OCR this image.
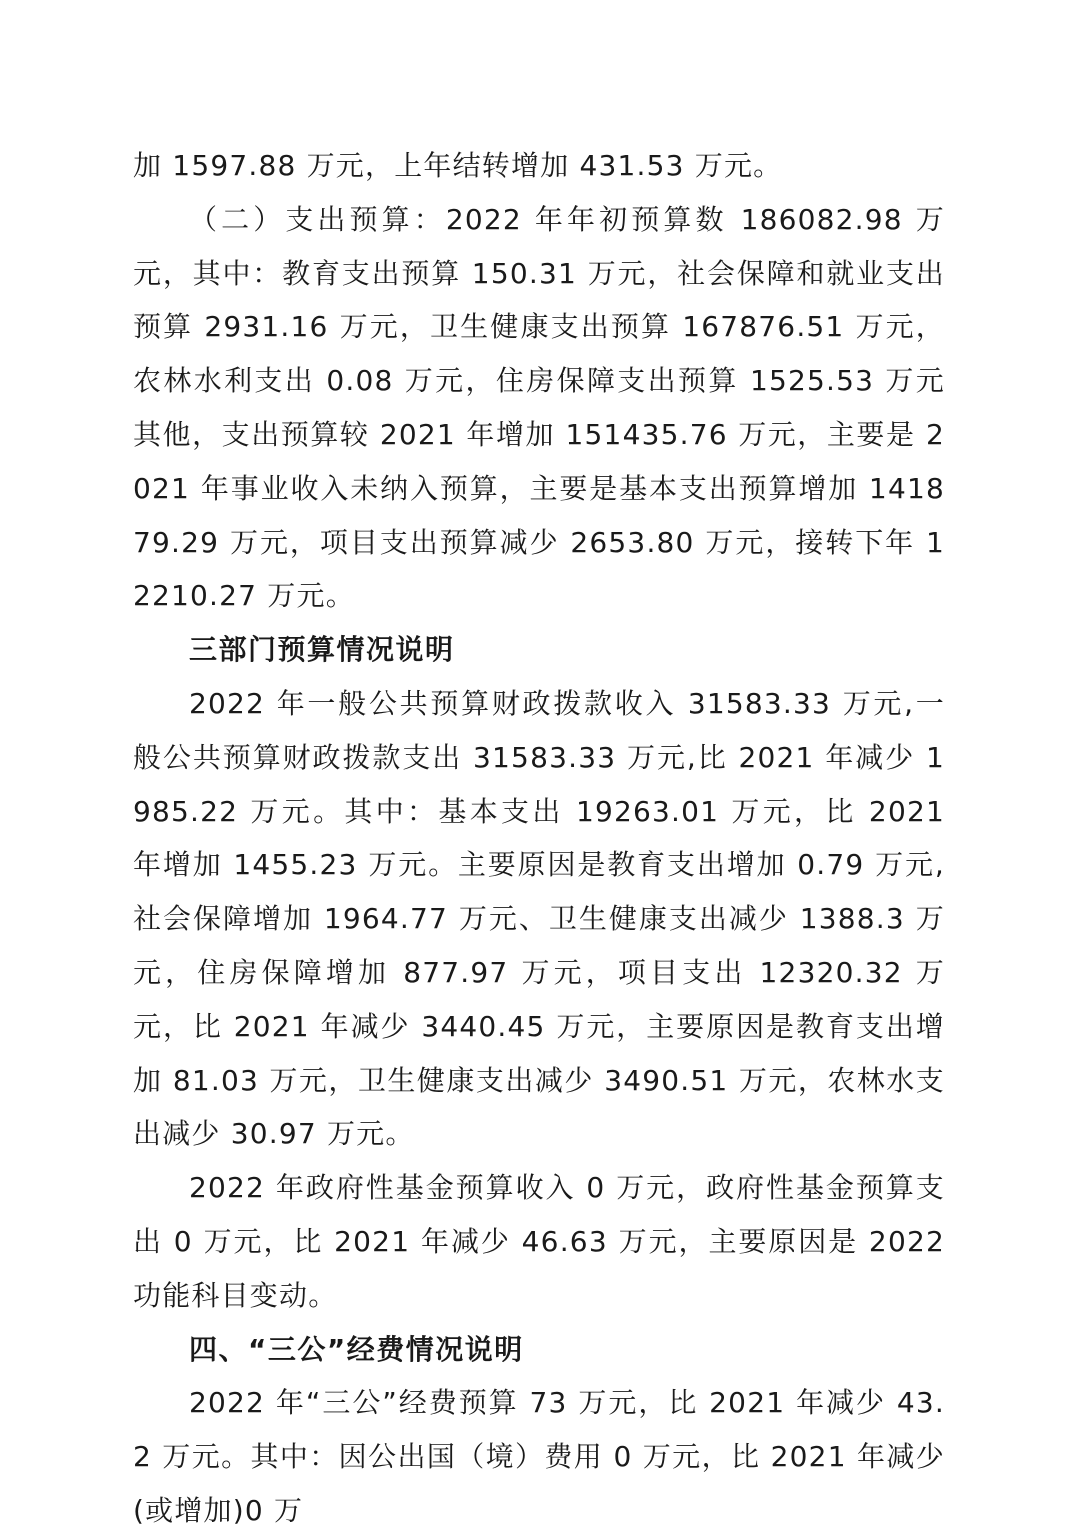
加 1597.88 万元，上年结转增加 431.53 万元。

（二）支出预算：2022 年年初预算数 186082.98 万元，其中：教育支出预算 150.31 万元，社会保障和就业支出预算 2931.16 万元，卫生健康支出预算 167876.51 万元，农林水利支出 0.08 万元，住房保障支出预算 1525.53 万元其他，支出预算较 2021 年增加 151435.76 万元，主要是 2021 年事业收入未纳入预算，主要是基本支出预算增加 141879.29 万元，项目支出预算减少 2653.80 万元，接转下年 12210.27 万元。

三部门预算情况说明

2022 年一般公共预算财政拨款收入 31583.33 万元,一般公共预算财政拨款支出 31583.33 万元,比 2021 年减少 1985.22 万元。其中：基本支出 19263.01 万元，比 2021 年增加 1455.23 万元。主要原因是教育支出增加 0.79 万元,社会保障增加 1964.77 万元、卫生健康支出减少 1388.3 万元，住房保障增加 877.97 万元，项目支出 12320.32 万元，比 2021 年减少 3440.45 万元，主要原因是教育支出增加 81.03 万元，卫生健康支出减少 3490.51 万元，农林水支出减少 30.97 万元。

2022 年政府性基金预算收入 0 万元，政府性基金预算支出 0 万元，比 2021 年减少 46.63 万元，主要原因是 2022 功能科目变动。

四、“三公”经费情况说明

2022 年“三公”经费预算 73 万元，比 2021 年减少 43.2 万元。其中：因公出国（境）费用 0 万元，比 2021 年减少(或增加)0 万
